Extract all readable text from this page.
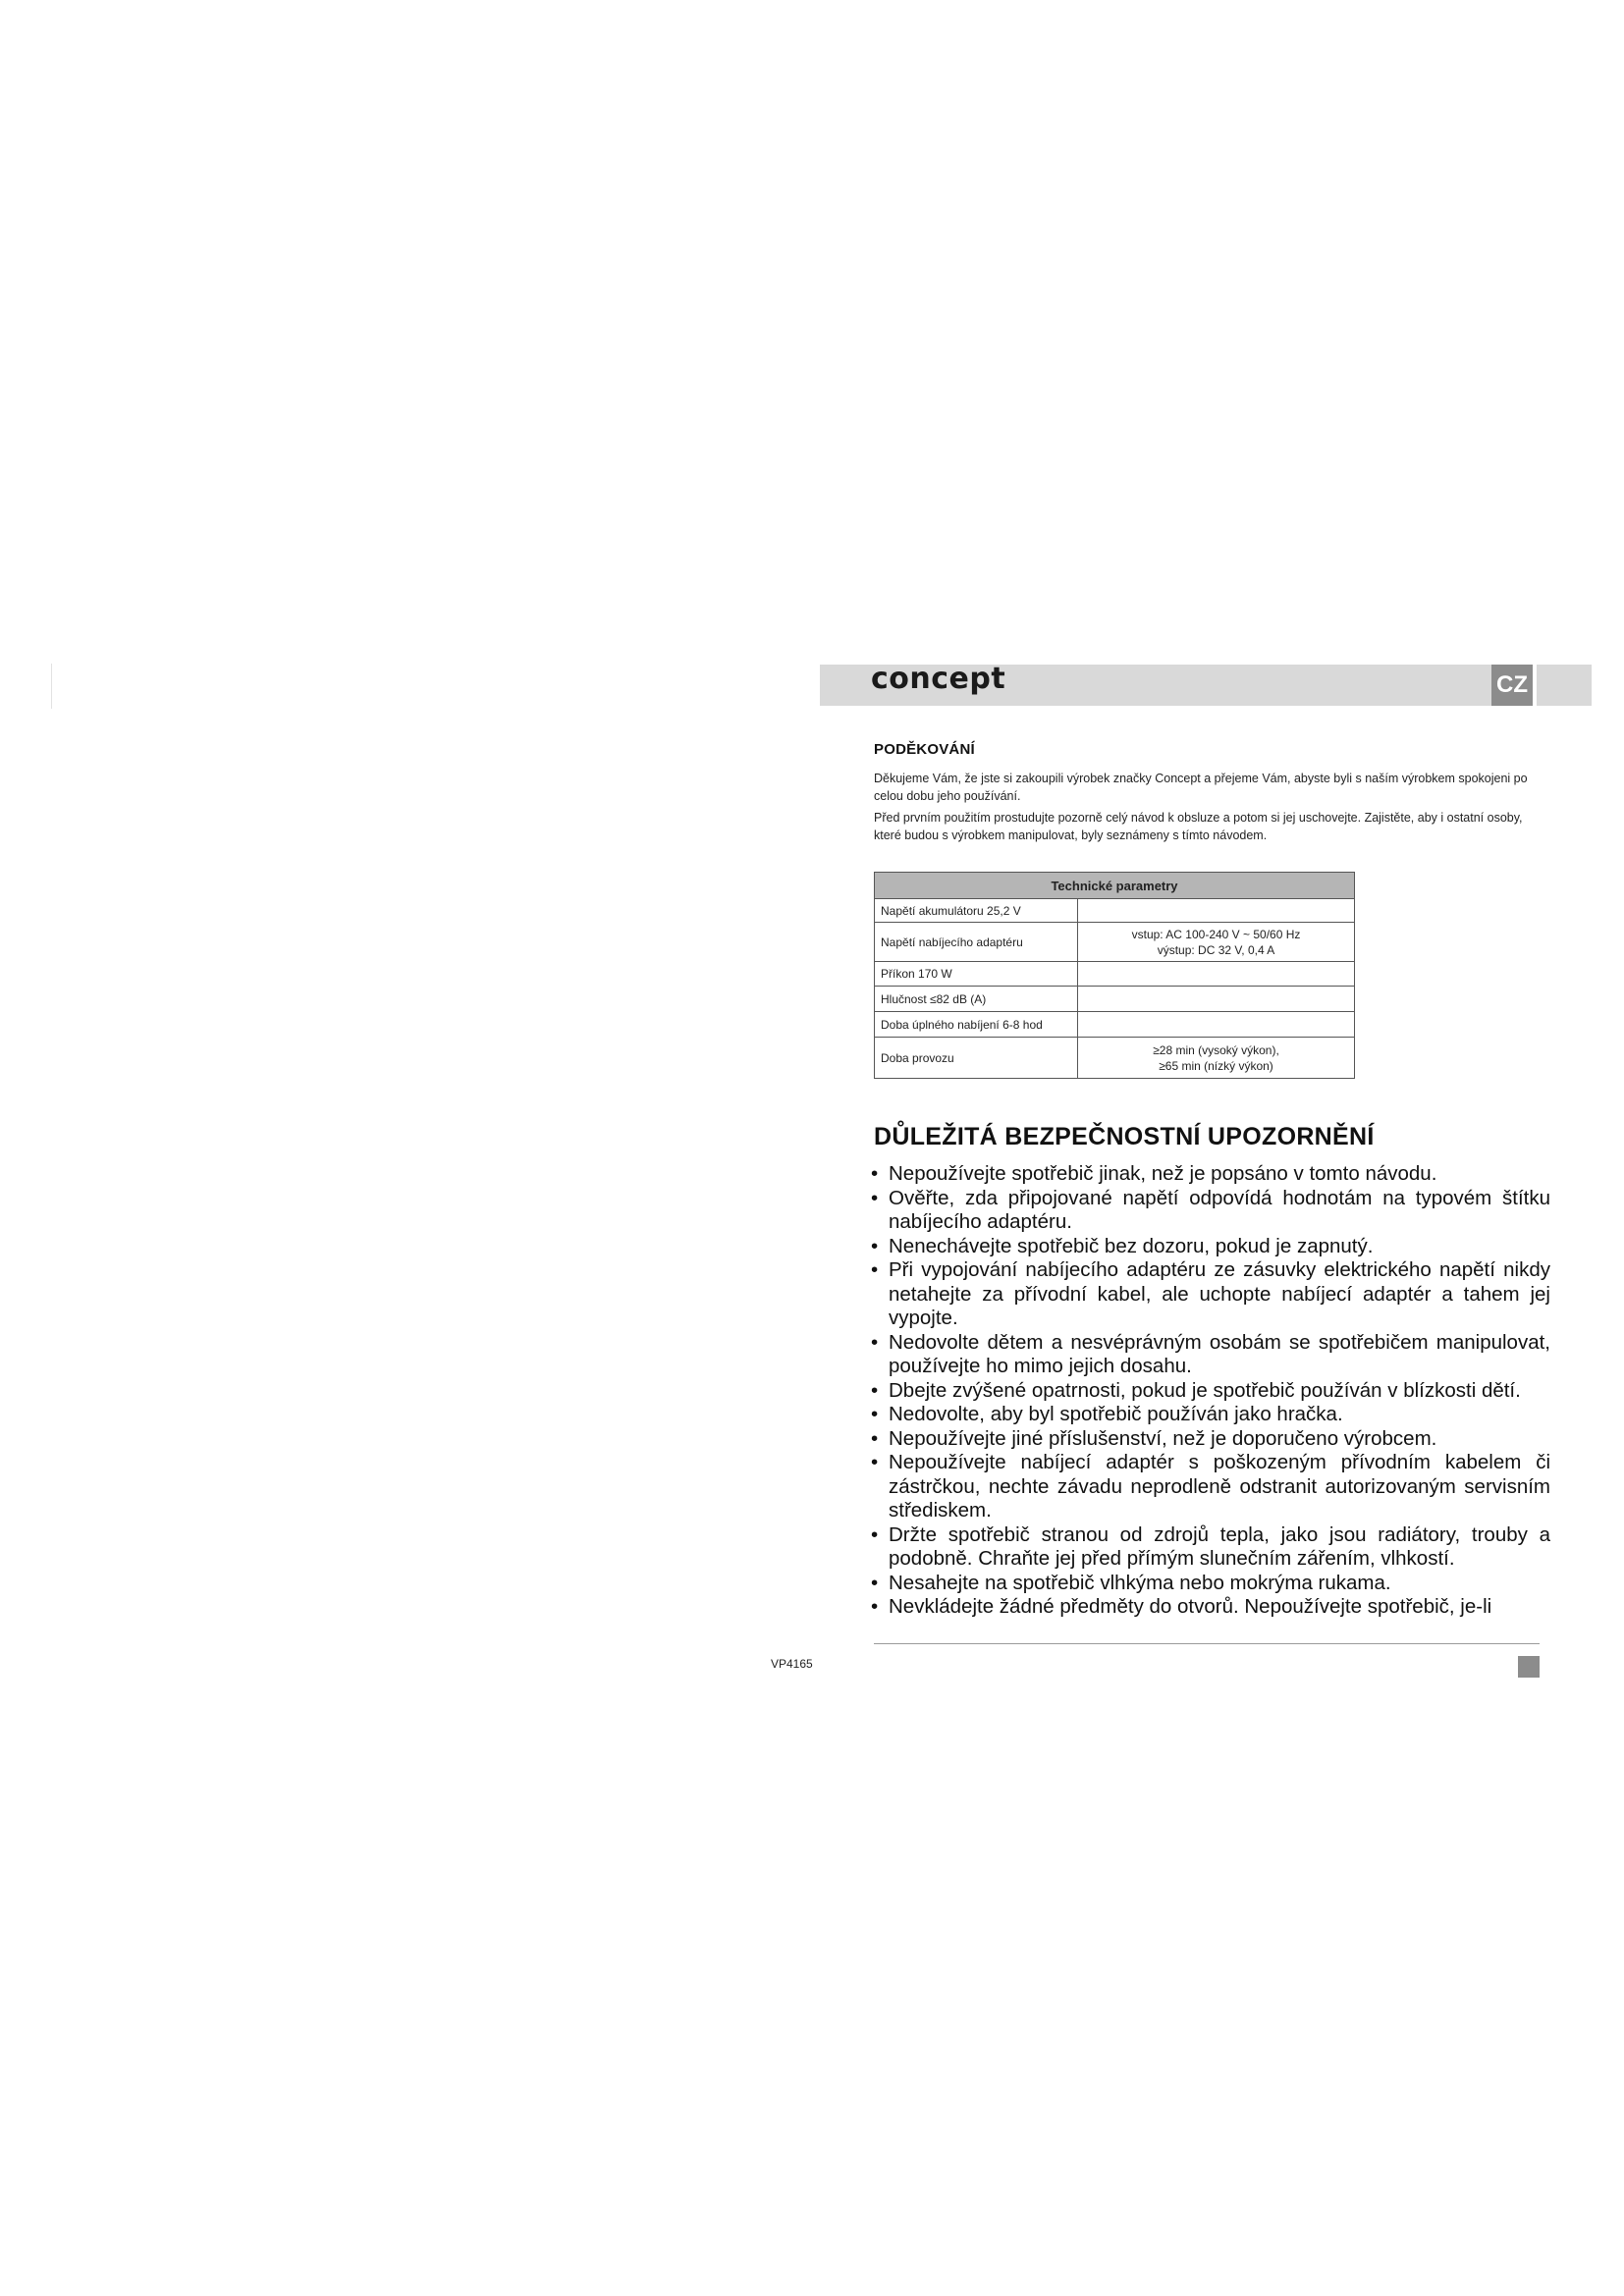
concept	CZ
PODĚKOVÁNÍ
Děkujeme Vám, že jste si zakoupili výrobek značky Concept a přejeme Vám, abyste byli s naším výrobkem spokojeni po celou dobu jeho používání.
Před prvním použitím prostudujte pozorně celý návod k obsluze a potom si jej uschovejte. Zajistěte, aby i ostatní osoby, které budou s výrobkem manipulovat, byly seznámeny s tímto návodem.
Technické parametry	
Napětí akumulátoru 25,2 V	
Napětí nabíjecího adaptéru	vstup: AC 100-240 V ~ 50/60 Hz
výstup: DC 32 V, 0,4 A

Příkon 170 W	
Hlučnost ≤82 dB (A)	
Doba úplného nabíjení 6-8 hod	
Doba provozu	≥28 min (vysoký výkon),
≥65 min (nízký výkon)
DŮLEŽITÁ BEZPEČNOSTNÍ UPOZORNĚNÍ
• Nepoužívejte spotřebič jinak, než je popsáno v tomto návodu.
• Ověřte, zda připojované napětí odpovídá hodnotám na typovém štítku nabíjecího adaptéru.
• Nenechávejte spotřebič bez dozoru, pokud je zapnutý.
• Při vypojování nabíjecího adaptéru ze zásuvky elektrického napětí nikdy netahejte za přívodní kabel, ale uchopte nabíjecí adaptér a tahem jej vypojte.
• Nedovolte dětem a nesvéprávným osobám se spotřebičem manipulovat, používejte ho mimo jejich dosahu.
• Dbejte zvýšené opatrnosti, pokud je spotřebič používán v blízkosti dětí.
• Nedovolte, aby byl spotřebič používán jako hračka.
• Nepoužívejte jiné příslušenství, než je doporučeno výrobcem.
• Nepoužívejte nabíjecí adaptér s poškozeným přívodním kabelem či zástrčkou, nechte závadu neprodleně odstranit autorizovaným servisním střediskem.
• Držte spotřebič stranou od zdrojů tepla, jako jsou radiátory, trouby a podobně. Chraňte jej před přímým slunečním zářením, vlhkostí.
• Nesahejte na spotřebič vlhkýma nebo mokrýma rukama.
• Nevkládejte žádné předměty do otvorů. Nepoužívejte spotřebič, je-li
VP4165
